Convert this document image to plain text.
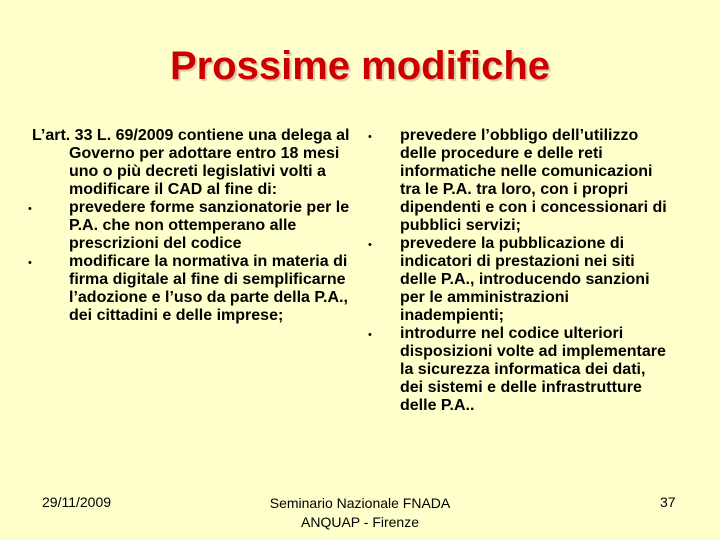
Prossime modifiche

L’art. 33 L. 69/2009 contiene una delega al Governo per adottare entro 18 mesi uno o più decreti legislativi volti a modificare il CAD al fine di:

• prevedere forme sanzionatorie per le P.A. che non ottemperano alle prescrizioni del codice
• modificare la normativa in materia di firma digitale al fine di semplificarne l’adozione e l’uso da parte della P.A., dei cittadini e delle imprese;
• prevedere l’obbligo dell’utilizzo delle procedure e delle reti informatiche nelle comunicazioni tra le P.A. tra loro, con i propri dipendenti e con i concessionari di pubblici servizi;
• prevedere la pubblicazione di indicatori di prestazioni nei siti delle P.A., introducendo sanzioni per le amministrazioni inadempienti;
• introdurre nel codice ulteriori disposizioni volte ad implementare la sicurezza informatica dei dati, dei sistemi e delle infrastrutture delle P.A..
29/11/2009	Seminario Nazionale FNADA
ANQUAP - Firenze
37
